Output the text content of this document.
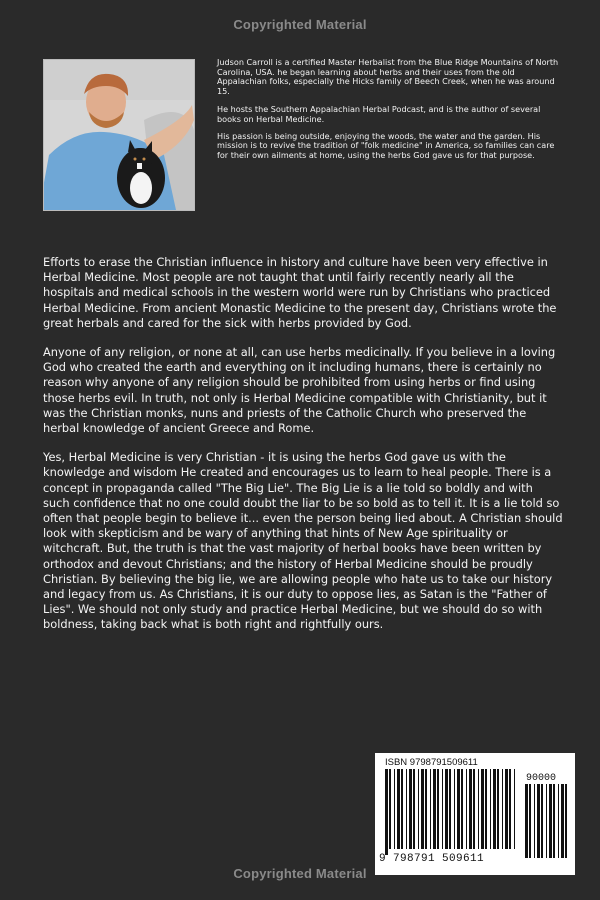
Copyrighted Material

Judson Carroll is a certified Master Herbalist from the Blue Ridge Mountains of North Carolina, USA. he began learning about herbs and their uses from the old Appalachian folks, especially the Hicks family of Beech Creek, when he was around 15.

He hosts the Southern Appalachian Herbal Podcast, and is the author of several books on Herbal Medicine.

His passion is being outside, enjoying the woods, the water and the garden. His mission is to revive the tradition of "folk medicine" in America, so families can care for their own ailments at home, using the herbs God gave us for that purpose.

Efforts to erase the Christian influence in history and culture have been very effective in Herbal Medicine. Most people are not taught that until fairly recently nearly all the hospitals and medical schools in the western world were run by Christians who practiced Herbal Medicine. From ancient Monastic Medicine to the present day, Christians wrote the great herbals and cared for the sick with herbs provided by God.

Anyone of any religion, or none at all, can use herbs medicinally. If you believe in a loving God who created the earth and everything on it including humans, there is certainly no reason why anyone of any religion should be prohibited from using herbs or find using those herbs evil. In truth, not only is Herbal Medicine compatible with Christianity, but it was the Christian monks, nuns and priests of the Catholic Church who preserved the herbal knowledge of ancient Greece and Rome.

Yes, Herbal Medicine is very Christian - it is using the herbs God gave us with the knowledge and wisdom He created and encourages us to learn to heal people. There is a concept in propaganda called "The Big Lie". The Big Lie is a lie told so boldly and with such confidence that no one could doubt the liar to be so bold as to tell it. It is a lie told so often that people begin to believe it... even the person being lied about. A Christian should look with skepticism and be wary of anything that hints of New Age spirituality or witchcraft. But, the truth is that the vast majority of herbal books have been written by orthodox and devout Christians; and the history of Herbal Medicine should be proudly Christian. By believing the big lie, we are allowing people who hate us to take our history and legacy from us. As Christians, it is our duty to oppose lies, as Satan is the "Father of Lies". We should not only study and practice Herbal Medicine, but we should do so with boldness, taking back what is both right and rightfully ours.

ISBN 9798791509611
90000
9 798791 509611
Copyrighted Material
